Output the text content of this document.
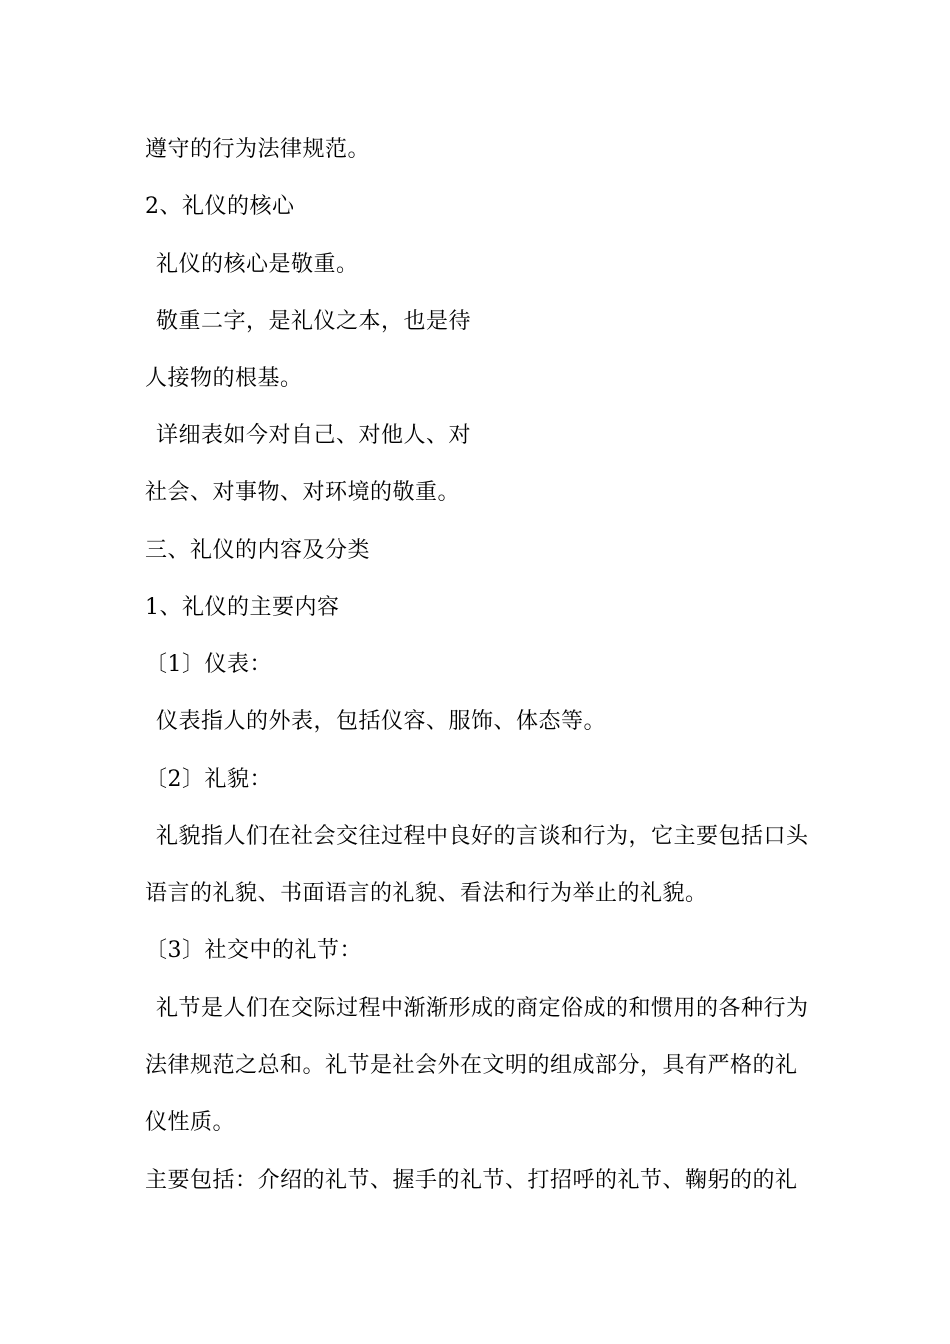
遵守的行为法律规范。
2、礼仪的核心
礼仪的核心是敬重。
敬重二字，是礼仪之本，也是待
人接物的根基。
详细表如今对自己、对他人、对
社会、对事物、对环境的敬重。
三、礼仪的内容及分类
1、礼仪的主要内容
〔1〕仪表：
仪表指人的外表，包括仪容、服饰、体态等。
〔2〕礼貌：
礼貌指人们在社会交往过程中良好的言谈和行为，它主要包括口头
语言的礼貌、书面语言的礼貌、看法和行为举止的礼貌。
〔3〕社交中的礼节：
礼节是人们在交际过程中渐渐形成的商定俗成的和惯用的各种行为
法律规范之总和。礼节是社会外在文明的组成部分，具有严格的礼
仪性质。
主要包括：介绍的礼节、握手的礼节、打招呼的礼节、鞠躬的的礼
